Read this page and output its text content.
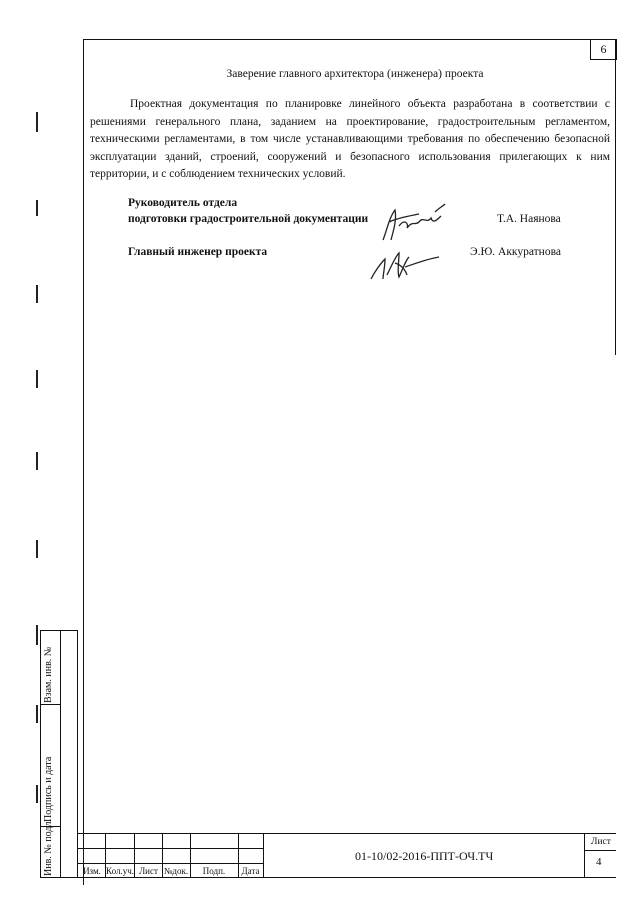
6
Заверение главного архитектора (инженера) проекта
Проектная документация по планировке линейного объекта разработана в соответствии с решениями генерального плана, заданием на проектирование, градостроительным регламентом, техническими регламентами, в том числе устанавливающими требования по обеспечению безопасной эксплуатации зданий, строений, сооружений и безопасного использования прилегающих к ним территории, и с соблюдением технических условий.
Руководитель отдела
подготовки градостроительной документации	Т.А. Наянова
Главный инженер проекта	Э.Ю. Аккуратнова
Взам. инв. №
Подпись и дата
Инв. № подл.	Изм. Кол.уч. Лист №док.	Подп.	Дата
01-10/02-2016-ППТ-ОЧ.ТЧ
Лист
4
